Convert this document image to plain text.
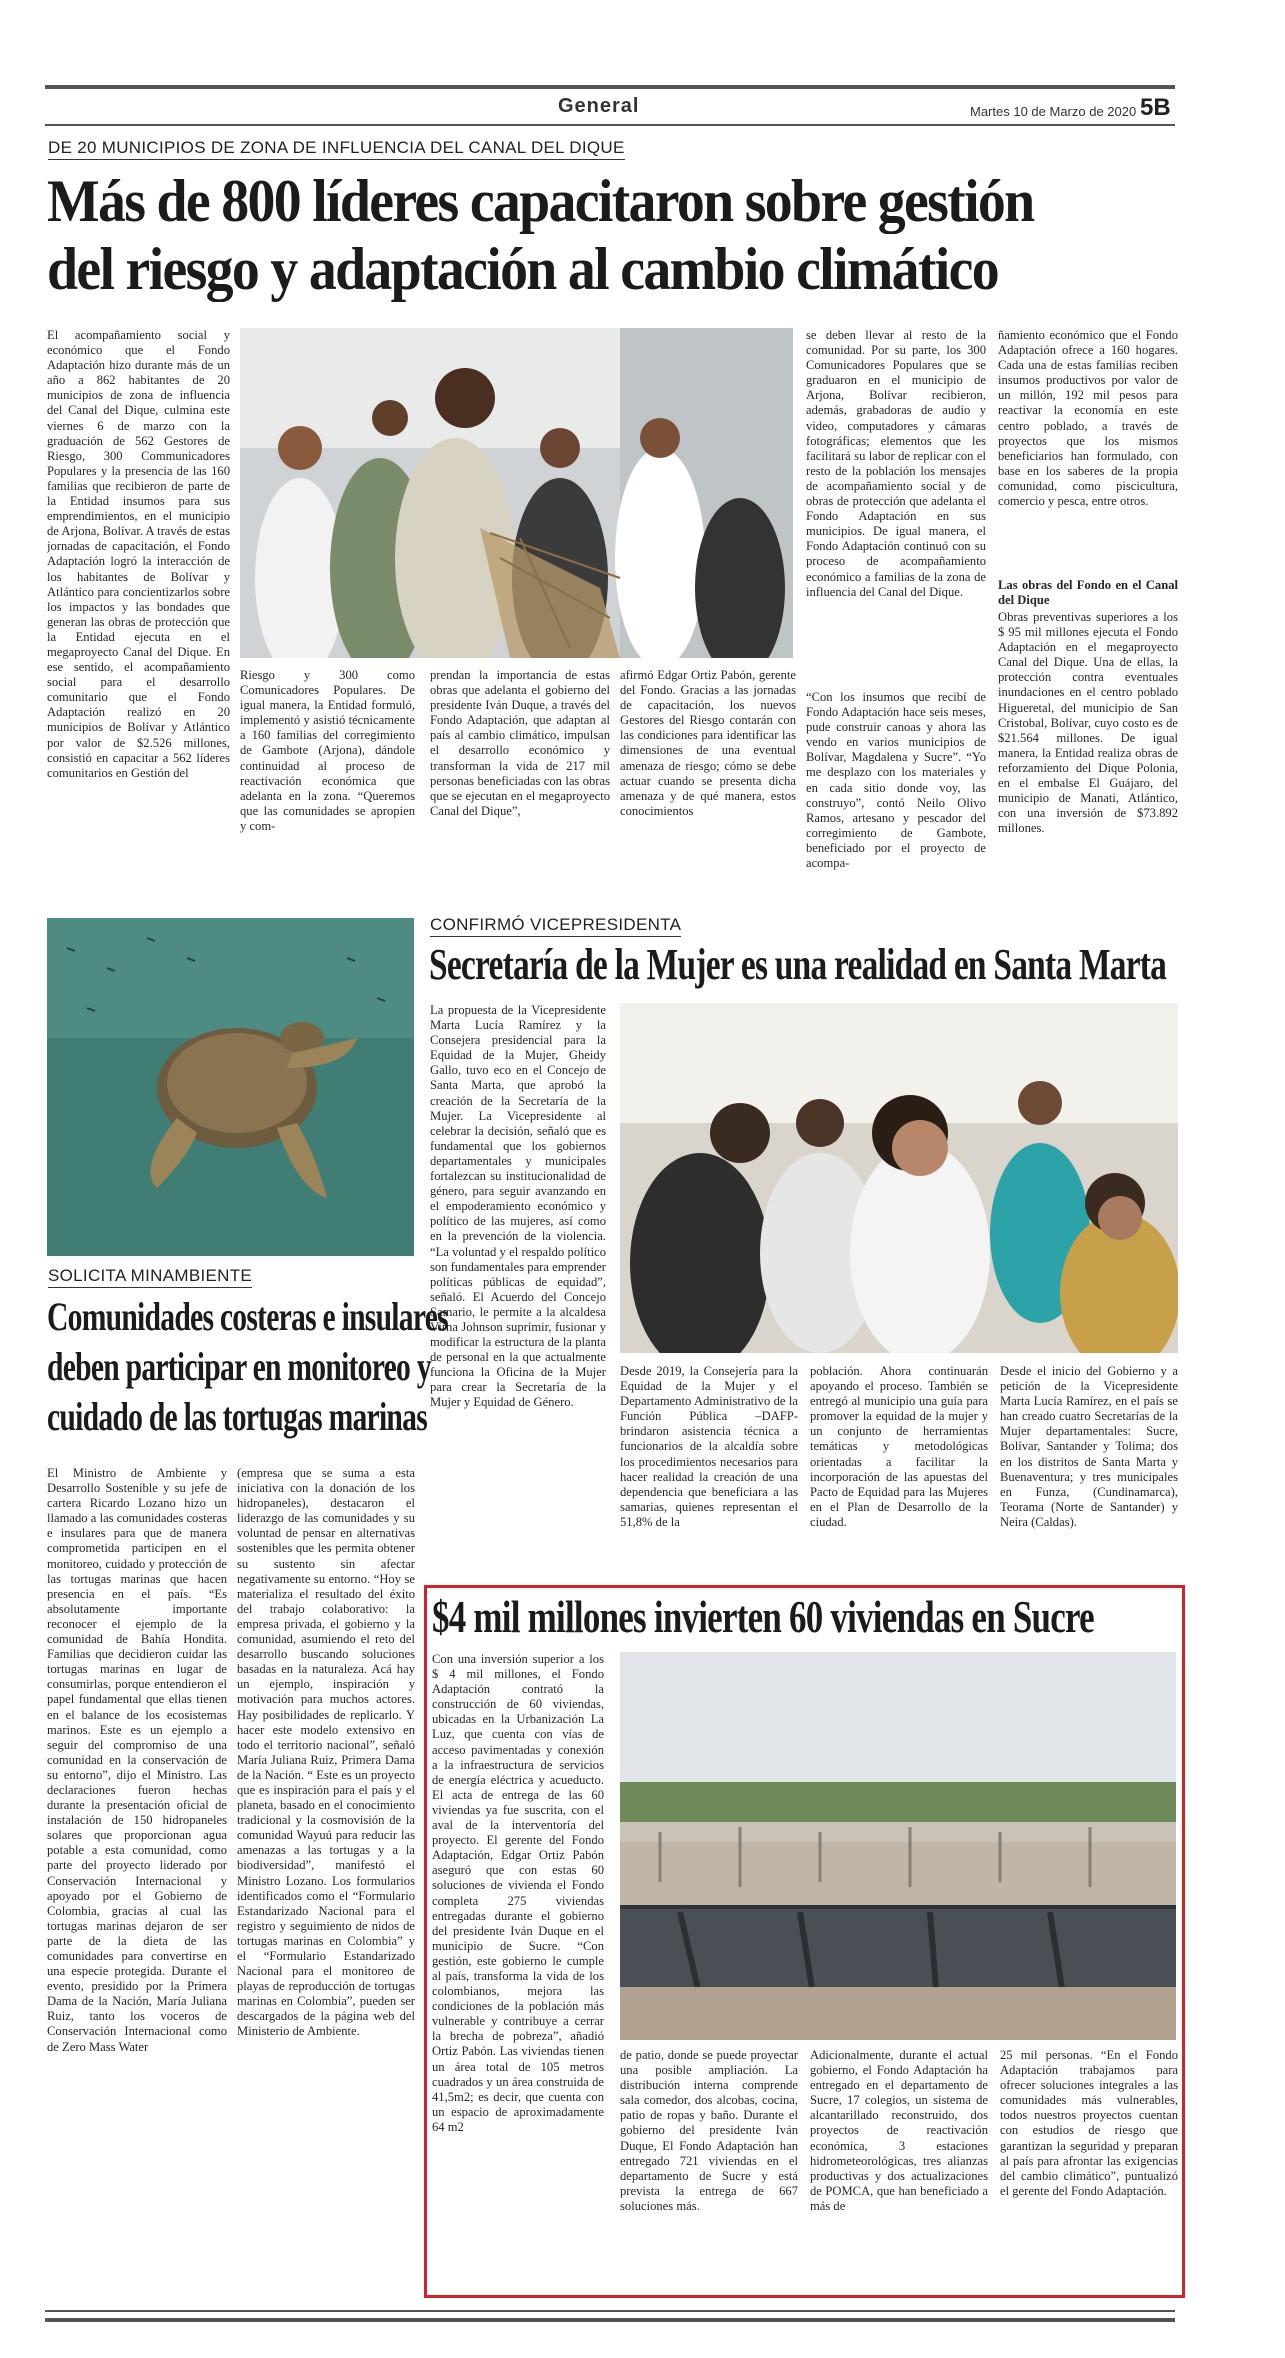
General	Martes 10 de Marzo de 2020 5B
DE 20 MUNICIPIOS DE ZONA DE INFLUENCIA DEL CANAL DEL DIQUE
Más de 800 líderes capacitaron sobre gestión
del riesgo y adaptación al cambio climático

El acompañamiento social y económico que el Fondo Adaptación hizo durante más de un año a 862 habitantes de 20 municipios de zona de influencia del Canal del Dique, culmina este viernes 6 de marzo con la graduación de 562 Gestores de Riesgo, 300 Communicadores Populares y la presencia de las 160 familias que recibieron de parte de la Entidad insumos para sus emprendimientos, en el municipio de Arjona, Bolívar. A través de estas jornadas de capacitación, el Fondo Adaptación logró la interacción de los habitantes de Bolívar y Atlántico para concientizarlos sobre los impactos y las bondades que generan las obras de protección que la Entidad ejecuta en el megaproyecto Canal del Dique. En ese sentido, el acompañamiento social para el desarrollo comunitario que el Fondo Adaptación realizó en 20 municipios de Bolívar y Atlántico por valor de $2.526 millones, consistió en capacitar a 562 líderes comunitarios en Gestión del

Riesgo y 300 como Comunicadores Populares. De igual manera, la Entidad formuló, implementó y asistió técnicamente a 160 familias del corregimiento de Gambote (Arjona), dándole continuidad al proceso de reactivación económica que adelanta en la zona. “Queremos que las comunidades se apropien y com-

prendan la importancia de estas obras que adelanta el gobierno del presidente Iván Duque, a través del Fondo Adaptación, que adaptan al país al cambio climático, impulsan el desarrollo económico y transforman la vida de 217 mil personas beneficiadas con las obras que se ejecutan en el megaproyecto Canal del Dique”,

afirmó Edgar Ortiz Pabón, gerente del Fondo. Gracias a las jornadas de capacitación, los nuevos Gestores del Riesgo contarán con las condiciones para identificar las dimensiones de una eventual amenaza de riesgo; cómo se debe actuar cuando se presenta dicha amenaza y de qué manera, estos conocimientos

se deben llevar al resto de la comunidad. Por su parte, los 300 Comunicadores Populares que se graduaron en el municipio de Arjona, Bolívar recibieron, además, grabadoras de audio y video, computadores y cámaras fotográficas; elementos que les facilitará su labor de replicar con el resto de la población los mensajes de acompañamiento social y de obras de protección que adelanta el Fondo Adaptación en sus municipios. De igual manera, el Fondo Adaptación continuó con su proceso de acompañamiento económico a familias de la zona de influencia del Canal del Dique.

“Con los insumos que recibí de Fondo Adaptación hace seis meses, pude construir canoas y ahora las vendo en varios municipios de Bolívar, Magdalena y Sucre”. “Yo me desplazo con los materiales y en cada sitio donde voy, las construyo”, contó Neilo Olivo Ramos, artesano y pescador del corregimiento de Gambote, beneficiado por el proyecto de acompa-

ñamiento económico que el Fondo Adaptación ofrece a 160 hogares. Cada una de estas familias reciben insumos productivos por valor de un millón, 192 mil pesos para reactivar la economía en este centro poblado, a través de proyectos que los mismos beneficiarios han formulado, con base en los saberes de la propia comunidad, como piscicultura, comercio y pesca, entre otros.

Las obras del Fondo en el Canal del Dique

Obras preventivas superiores a los $ 95 mil millones ejecuta el Fondo Adaptación en el megaproyecto Canal del Dique. Una de ellas, la protección contra eventuales inundaciones en el centro poblado Higueretal, del municipio de San Cristobal, Bolívar, cuyo costo es de $21.564 millones. De igual manera, la Entidad realiza obras de reforzamiento del Dique Polonia, en el embalse El Guájaro, del municipio de Manati, Atlántico, con una inversión de $73.892 millones.

SOLICITA MINAMBIENTE
Comunidades costeras e insulares
deben participar en monitoreo y
cuidado de las tortugas marinas

El Ministro de Ambiente y Desarrollo Sostenible y su jefe de cartera Ricardo Lozano hizo un llamado a las comunidades costeras e insulares para que de manera comprometida participen en el monitoreo, cuidado y protección de las tortugas marinas que hacen presencia en el país. “Es absolutamente importante reconocer el ejemplo de la comunidad de Bahía Hondita. Familias que decidieron cuidar las tortugas marinas en lugar de consumirlas, porque entendieron el papel fundamental que ellas tienen en el balance de los ecosistemas marinos. Este es un ejemplo a seguir del compromiso de una comunidad en la conservación de su entorno”, dijo el Ministro. Las declaraciones fueron hechas durante la presentación oficial de instalación de 150 hidropaneles solares que proporcionan agua potable a esta comunidad, como parte del proyecto liderado por Conservación Internacional y apoyado por el Gobierno de Colombia, gracias al cual las tortugas marinas dejaron de ser parte de la dieta de las comunidades para convertirse en una especie protegida. Durante el evento, presidido por la Primera Dama de la Nación, María Juliana Ruiz, tanto los voceros de Conservación Internacional como de Zero Mass Water

(empresa que se suma a esta iniciativa con la donación de los hidropaneles), destacaron el liderazgo de las comunidades y su voluntad de pensar en alternativas sostenibles que les permita obtener su sustento sin afectar negativamente su entorno. “Hoy se materializa el resultado del éxito del trabajo colaborativo: la empresa privada, el gobierno y la comunidad, asumiendo el reto del desarrollo buscando soluciones basadas en la naturaleza. Acá hay un ejemplo, inspiración y motivación para muchos actores. Hay posibilidades de replicarlo. Y hacer este modelo extensivo en todo el territorio nacional”, señaló María Juliana Ruiz, Primera Dama de la Nación. “ Este es un proyecto que es inspiración para el país y el planeta, basado en el conocimiento tradicional y la cosmovisión de la comunidad Wayuú para reducir las amenazas a las tortugas y a la biodiversidad”, manifestó el Ministro Lozano. Los formularios identificados como el “Formulario Estandarizado Nacional para el registro y seguimiento de nidos de tortugas marinas en Colombia” y el “Formulario Estandarizado Nacional para el monitoreo de playas de reproducción de tortugas marinas en Colombia”, pueden ser descargados de la página web del Ministerio de Ambiente.

CONFIRMÓ VICEPRESIDENTA
Secretaría de la Mujer es una realidad en Santa Marta

La propuesta de la Vicepresidente Marta Lucía Ramírez y la Consejera presidencial para la Equidad de la Mujer, Gheidy Gallo, tuvo eco en el Concejo de Santa Marta, que aprobó la creación de la Secretaría de la Mujer. La Vicepresidente al celebrar la decisión, señaló que es fundamental que los gobiernos departamentales y municipales fortalezcan su institucionalidad de género, para seguir avanzando en el empoderamiento económico y político de las mujeres, así como en la prevención de la violencia. “La voluntad y el respaldo político son fundamentales para emprender políticas públicas de equidad”, señaló. El Acuerdo del Concejo Samario, le permite a la alcaldesa Virna Johnson suprimir, fusionar y modificar la estructura de la planta de personal en la que actualmente funciona la Oficina de la Mujer para crear la Secretaría de la Mujer y Equidad de Género.

Desde 2019, la Consejería para la Equidad de la Mujer y el Departamento Administrativo de la Función Pública –DAFP- brindaron asistencia técnica a funcionarios de la alcaldía sobre los procedimientos necesarios para hacer realidad la creación de una dependencia que beneficiara a las samarias, quienes representan el 51,8% de la

población. Ahora continuarán apoyando el proceso. También se entregó al municipio una guía para promover la equidad de la mujer y un conjunto de herramientas temáticas y metodológicas orientadas a facilitar la incorporación de las apuestas del Pacto de Equidad para las Mujeres en el Plan de Desarrollo de la ciudad.

Desde el inicio del Gobierno y a petición de la Vicepresidente Marta Lucía Ramírez, en el país se han creado cuatro Secretarías de la Mujer departamentales: Sucre, Bolívar, Santander y Tolima; dos en los distritos de Santa Marta y Buenaventura; y tres municipales en Funza, (Cundinamarca), Teorama (Norte de Santander) y Neira (Caldas).

$4 mil millones invierten 60 viviendas en Sucre

Con una inversión superior a los $ 4 mil millones, el Fondo Adaptación contrató la construcción de 60 viviendas, ubicadas en la Urbanización La Luz, que cuenta con vías de acceso pavimentadas y conexión a la infraestructura de servicios de energía eléctrica y acueducto. El acta de entrega de las 60 viviendas ya fue suscrita, con el aval de la interventoría del proyecto. El gerente del Fondo Adaptación, Edgar Ortiz Pabón aseguró que con estas 60 soluciones de vivienda el Fondo completa 275 viviendas entregadas durante el gobierno del presidente Iván Duque en el municipio de Sucre. “Con gestión, este gobierno le cumple al país, transforma la vida de los colombianos, mejora las condiciones de la población más vulnerable y contribuye a cerrar la brecha de pobreza”, añadió Ortiz Pabón. Las viviendas tienen un área total de 105 metros cuadrados y un área construida de 41,5m2; es decir, que cuenta con un espacio de aproximadamente 64 m2

de patio, donde se puede proyectar una posible ampliación. La distribución interna comprende sala comedor, dos alcobas, cocina, patio de ropas y baño. Durante el gobierno del presidente Iván Duque, El Fondo Adaptación han entregado 721 viviendas en el departamento de Sucre y está prevista la entrega de 667 soluciones más.

Adicionalmente, durante el actual gobierno, el Fondo Adaptación ha entregado en el departamento de Sucre, 17 colegios, un sistema de alcantarillado reconstruido, dos proyectos de reactivación económica, 3 estaciones hidrometeorológicas, tres alianzas productivas y dos actualizaciones de POMCA, que han beneficiado a más de

25 mil personas. “En el Fondo Adaptación trabajamos para ofrecer soluciones integrales a las comunidades más vulnerables, todos nuestros proyectos cuentan con estudios de riesgo que garantizan la seguridad y preparan al país para afrontar las exigencias del cambio climático”, puntualizó el gerente del Fondo Adaptación.
